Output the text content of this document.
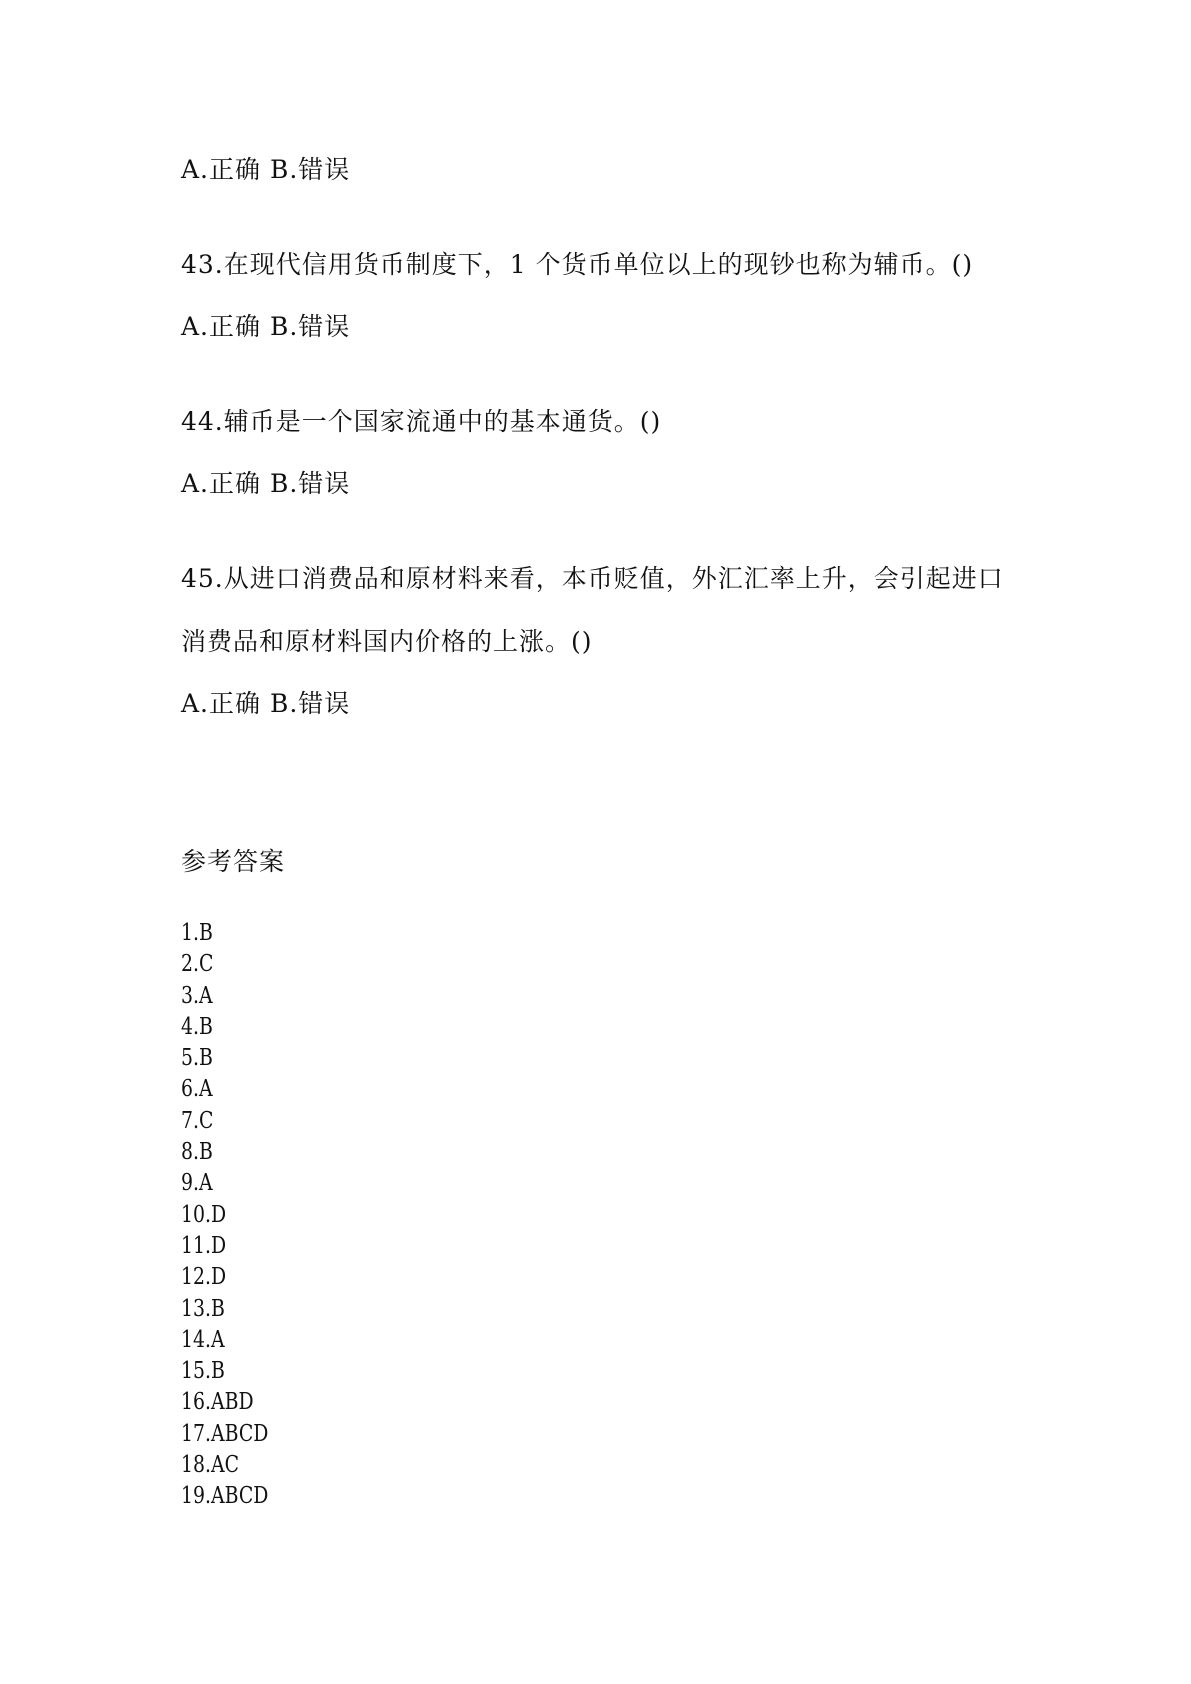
A.正确 B.错误
43.在现代信用货币制度下，1 个货币单位以上的现钞也称为辅币。()
A.正确 B.错误
44.辅币是一个国家流通中的基本通货。()
A.正确 B.错误
45.从进口消费品和原材料来看，本币贬值，外汇汇率上升，会引起进口
消费品和原材料国内价格的上涨。()
A.正确 B.错误
参考答案
1.B
2.C
3.A
4.B
5.B
6.A
7.C
8.B
9.A
10.D
11.D
12.D
13.B
14.A
15.B
16.ABD
17.ABCD
18.AC
19.ABCD
